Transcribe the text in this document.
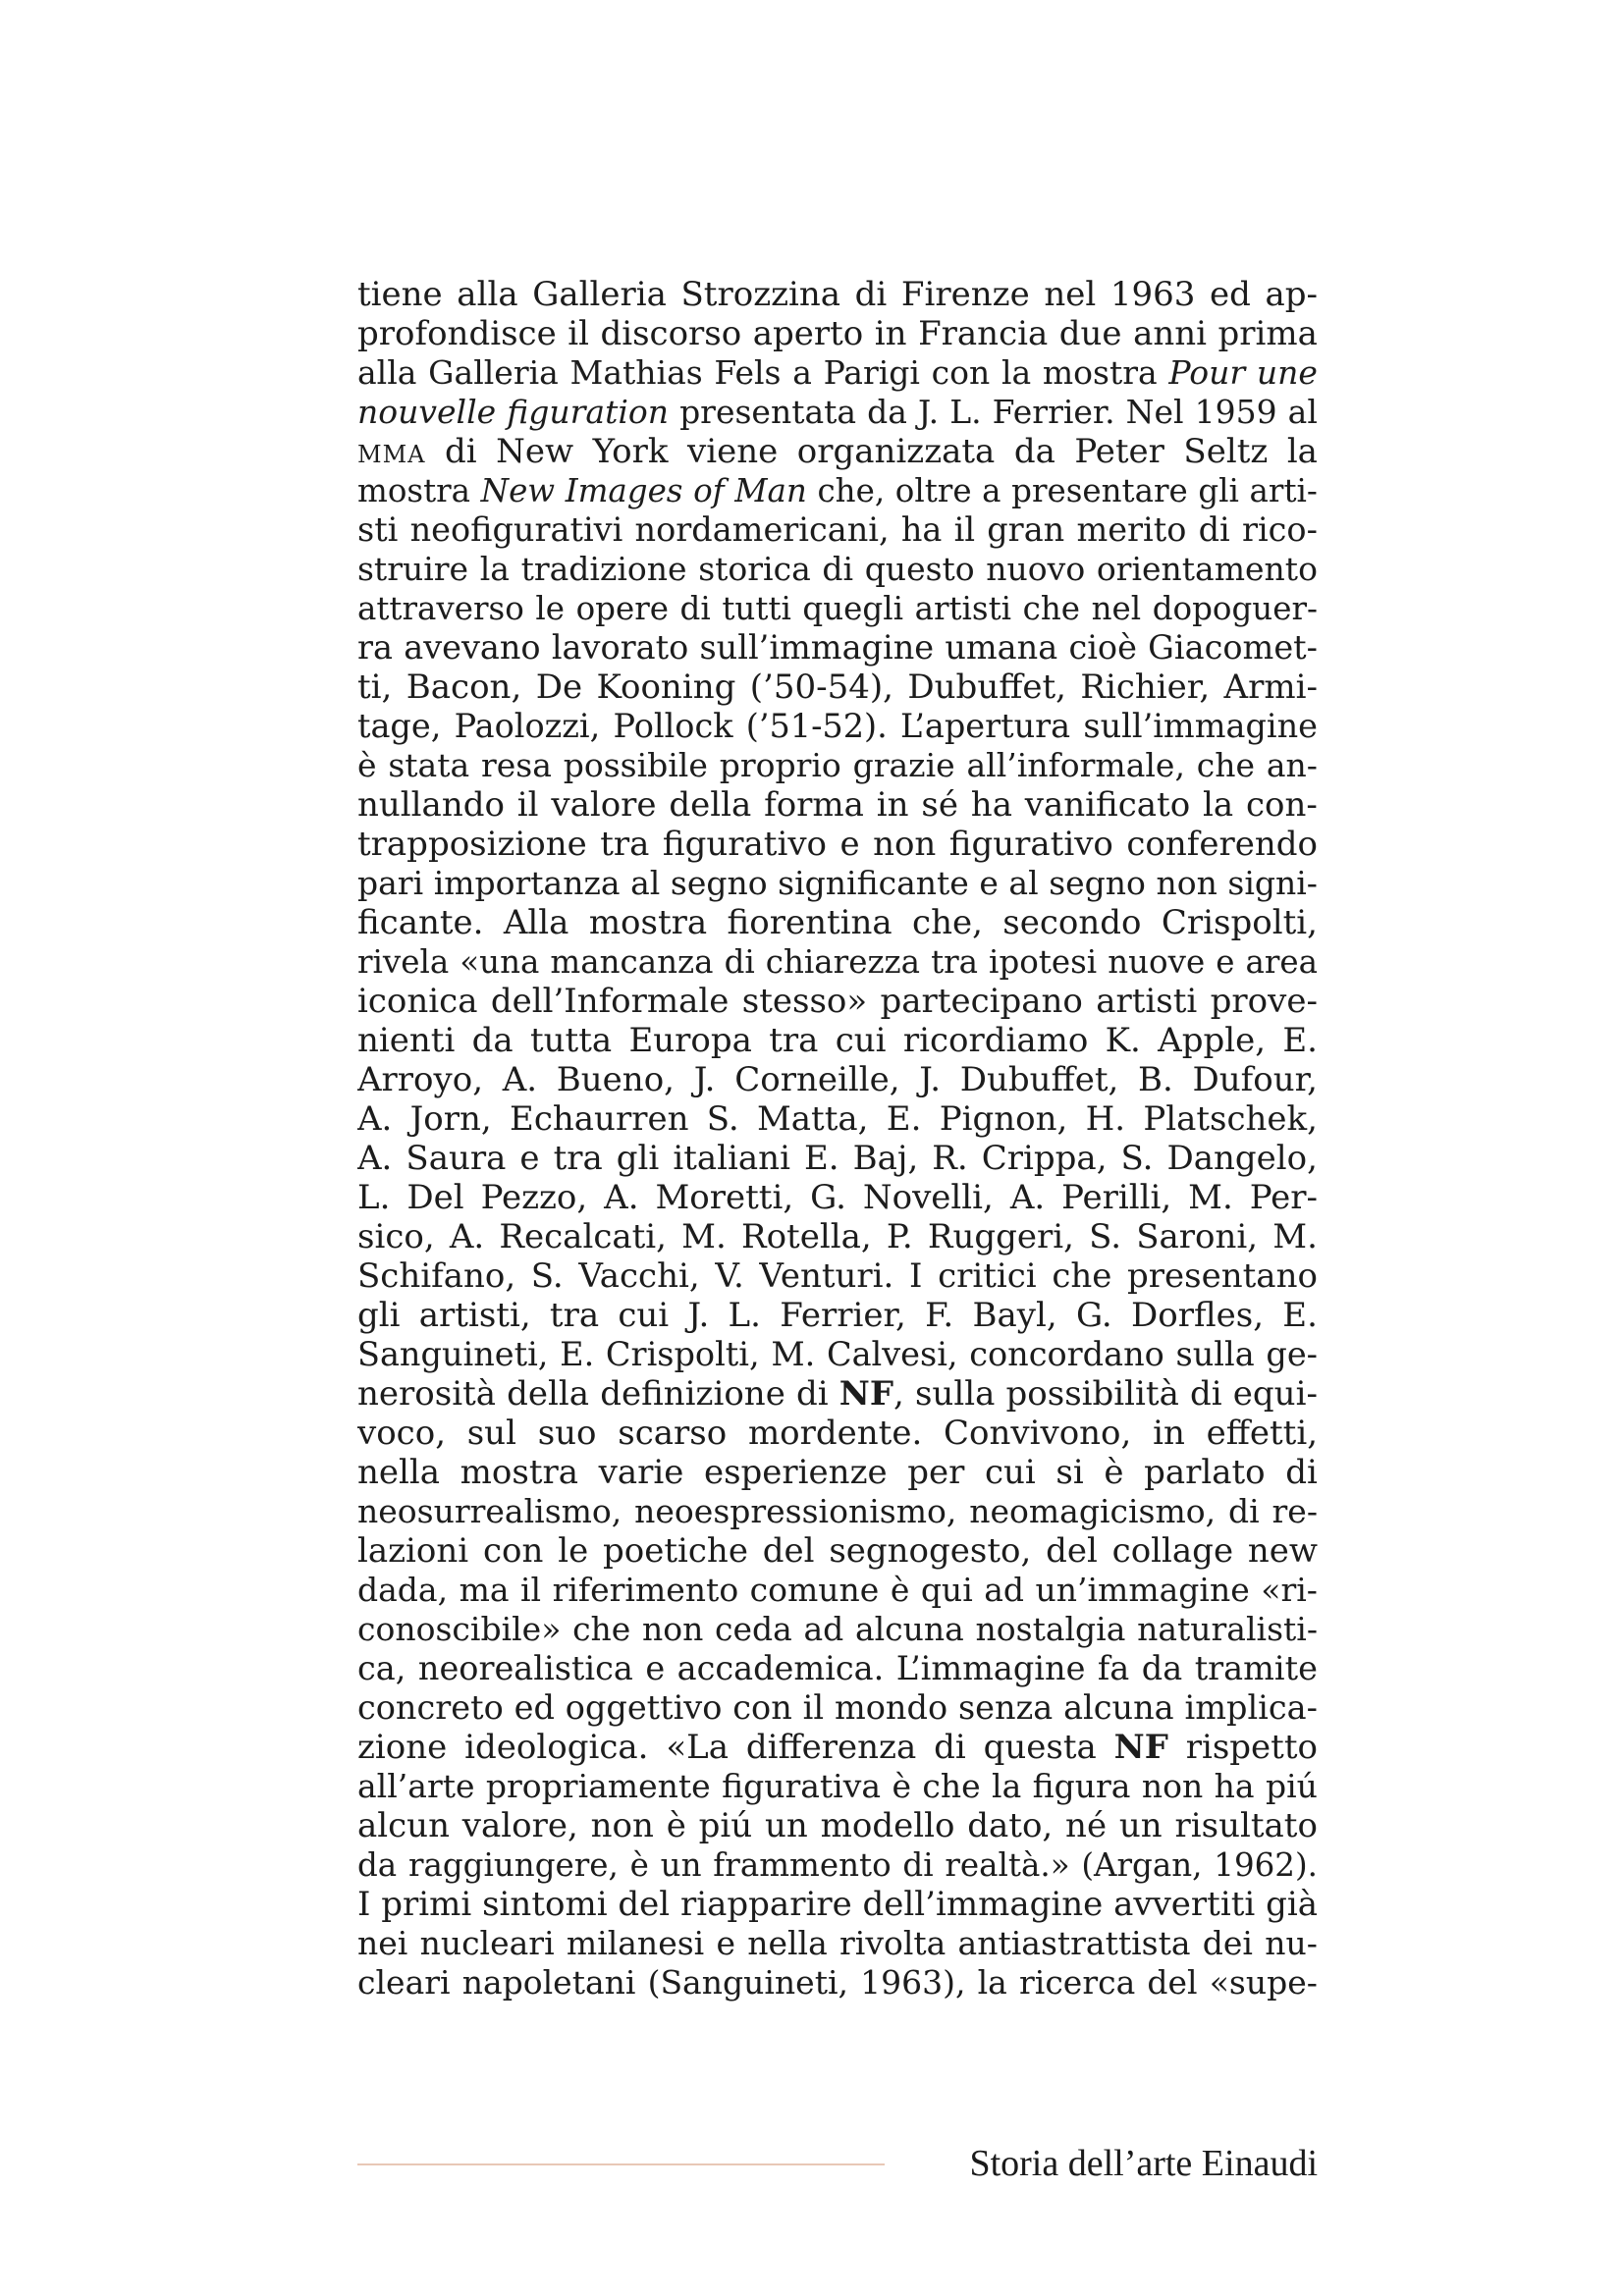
tiene alla Galleria Strozzina di Firenze nel 1963 ed ap-
profondisce il discorso aperto in Francia due anni prima
alla Galleria Mathias Fels a Parigi con la mostra Pour une
nouvelle figuration presentata da J. L. Ferrier. Nel 1959 al
mma di New York viene organizzata da Peter Seltz la
mostra New Images of Man che, oltre a presentare gli arti-
sti neofigurativi nordamericani, ha il gran merito di rico-
struire la tradizione storica di questo nuovo orientamento
attraverso le opere di tutti quegli artisti che nel dopoguer-
ra avevano lavorato sull’immagine umana cioè Giacomet-
ti, Bacon, De Kooning (’50-54), Dubuffet, Richier, Armi-
tage, Paolozzi, Pollock (’51-52). L’apertura sull’immagine
è stata resa possibile proprio grazie all’informale, che an-
nullando il valore della forma in sé ha vanificato la con-
trapposizione tra figurativo e non figurativo conferendo
pari importanza al segno significante e al segno non signi-
ficante. Alla mostra fiorentina che, secondo Crispolti,
rivela «una mancanza di chiarezza tra ipotesi nuove e area
iconica dell’Informale stesso» partecipano artisti prove-
nienti da tutta Europa tra cui ricordiamo K. Apple, E.
Arroyo, A. Bueno, J. Corneille, J. Dubuffet, B. Dufour,
A. Jorn, Echaurren S. Matta, E. Pignon, H. Platschek,
A. Saura e tra gli italiani E. Baj, R. Crippa, S. Dangelo,
L. Del Pezzo, A. Moretti, G. Novelli, A. Perilli, M. Per-
sico, A. Recalcati, M. Rotella, P. Ruggeri, S. Saroni, M.
Schifano, S. Vacchi, V. Venturi. I critici che presentano
gli artisti, tra cui J. L. Ferrier, F. Bayl, G. Dorfles, E.
Sanguineti, E. Crispolti, M. Calvesi, concordano sulla ge-
nerosità della definizione di NF, sulla possibilità di equi-
voco, sul suo scarso mordente. Convivono, in effetti,
nella mostra varie esperienze per cui si è parlato di
neosurrealismo, neoespressionismo, neomagicismo, di re-
lazioni con le poetiche del segnogesto, del collage new
dada, ma il riferimento comune è qui ad un’immagine «ri-
conoscibile» che non ceda ad alcuna nostalgia naturalisti-
ca, neorealistica e accademica. L’immagine fa da tramite
concreto ed oggettivo con il mondo senza alcuna implica-
zione ideologica. «La differenza di questa NF rispetto
all’arte propriamente figurativa è che la figura non ha piú
alcun valore, non è piú un modello dato, né un risultato
da raggiungere, è un frammento di realtà.» (Argan, 1962).
I primi sintomi del riapparire dell’immagine avvertiti già
nei nucleari milanesi e nella rivolta antiastrattista dei nu-
cleari napoletani (Sanguineti, 1963), la ricerca del «supe-
Storia dell’arte Einaudi
